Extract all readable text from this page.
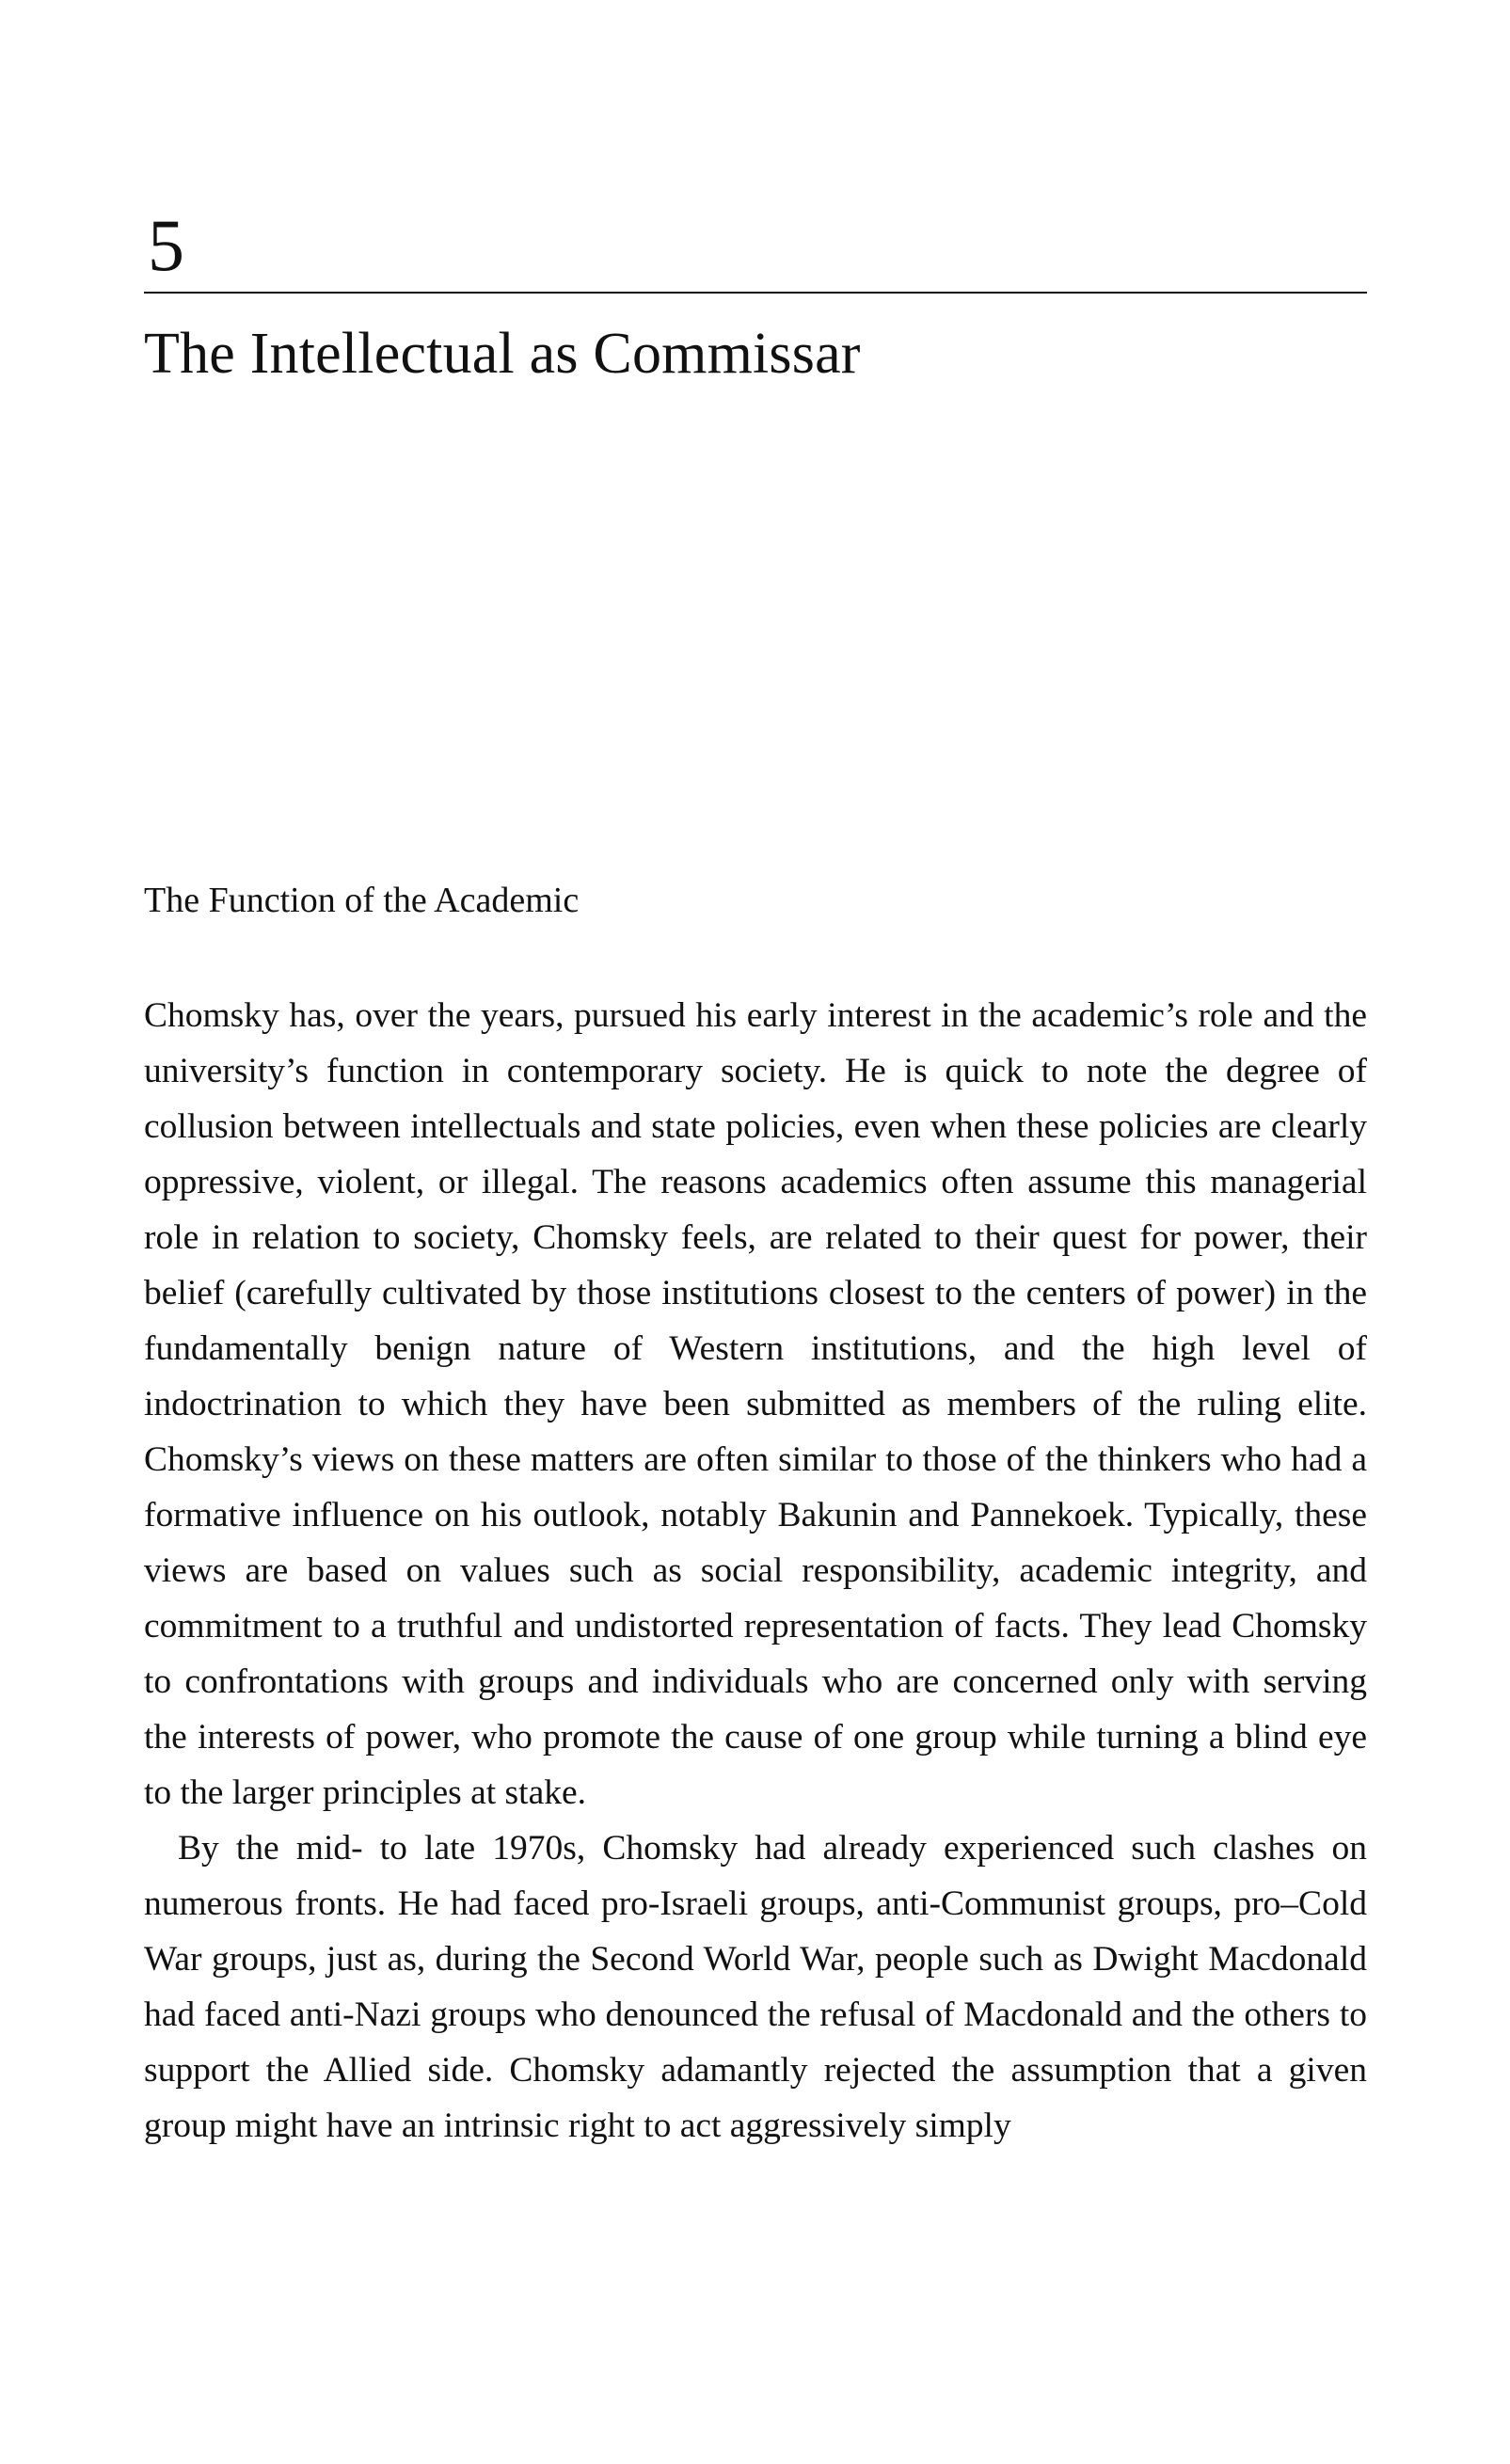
5
The Intellectual as Commissar
The Function of the Academic

Chomsky has, over the years, pursued his early interest in the academic’s role and the university’s function in contemporary society. He is quick to note the degree of collusion between intellectuals and state policies, even when these policies are clearly oppressive, violent, or illegal. The reasons academics often assume this managerial role in relation to society, Chomsky feels, are related to their quest for power, their belief (carefully cultivated by those institutions closest to the centers of power) in the fundamentally benign nature of Western institutions, and the high level of indoctrination to which they have been submitted as members of the ruling elite. Chomsky’s views on these matters are often similar to those of the thinkers who had a formative influence on his outlook, notably Bakunin and Pannekoek. Typically, these views are based on values such as social responsibility, academic integrity, and commitment to a truthful and undistorted representation of facts. They lead Chomsky to confrontations with groups and individuals who are concerned only with serving the interests of power, who promote the cause of one group while turning a blind eye to the larger principles at stake.

By the mid- to late 1970s, Chomsky had already experienced such clashes on numerous fronts. He had faced pro-Israeli groups, anti-Communist groups, pro–Cold War groups, just as, during the Second World War, people such as Dwight Macdonald had faced anti-Nazi groups who denounced the refusal of Macdonald and the others to support the Allied side. Chomsky adamantly rejected the assumption that a given group might have an intrinsic right to act aggressively simply
